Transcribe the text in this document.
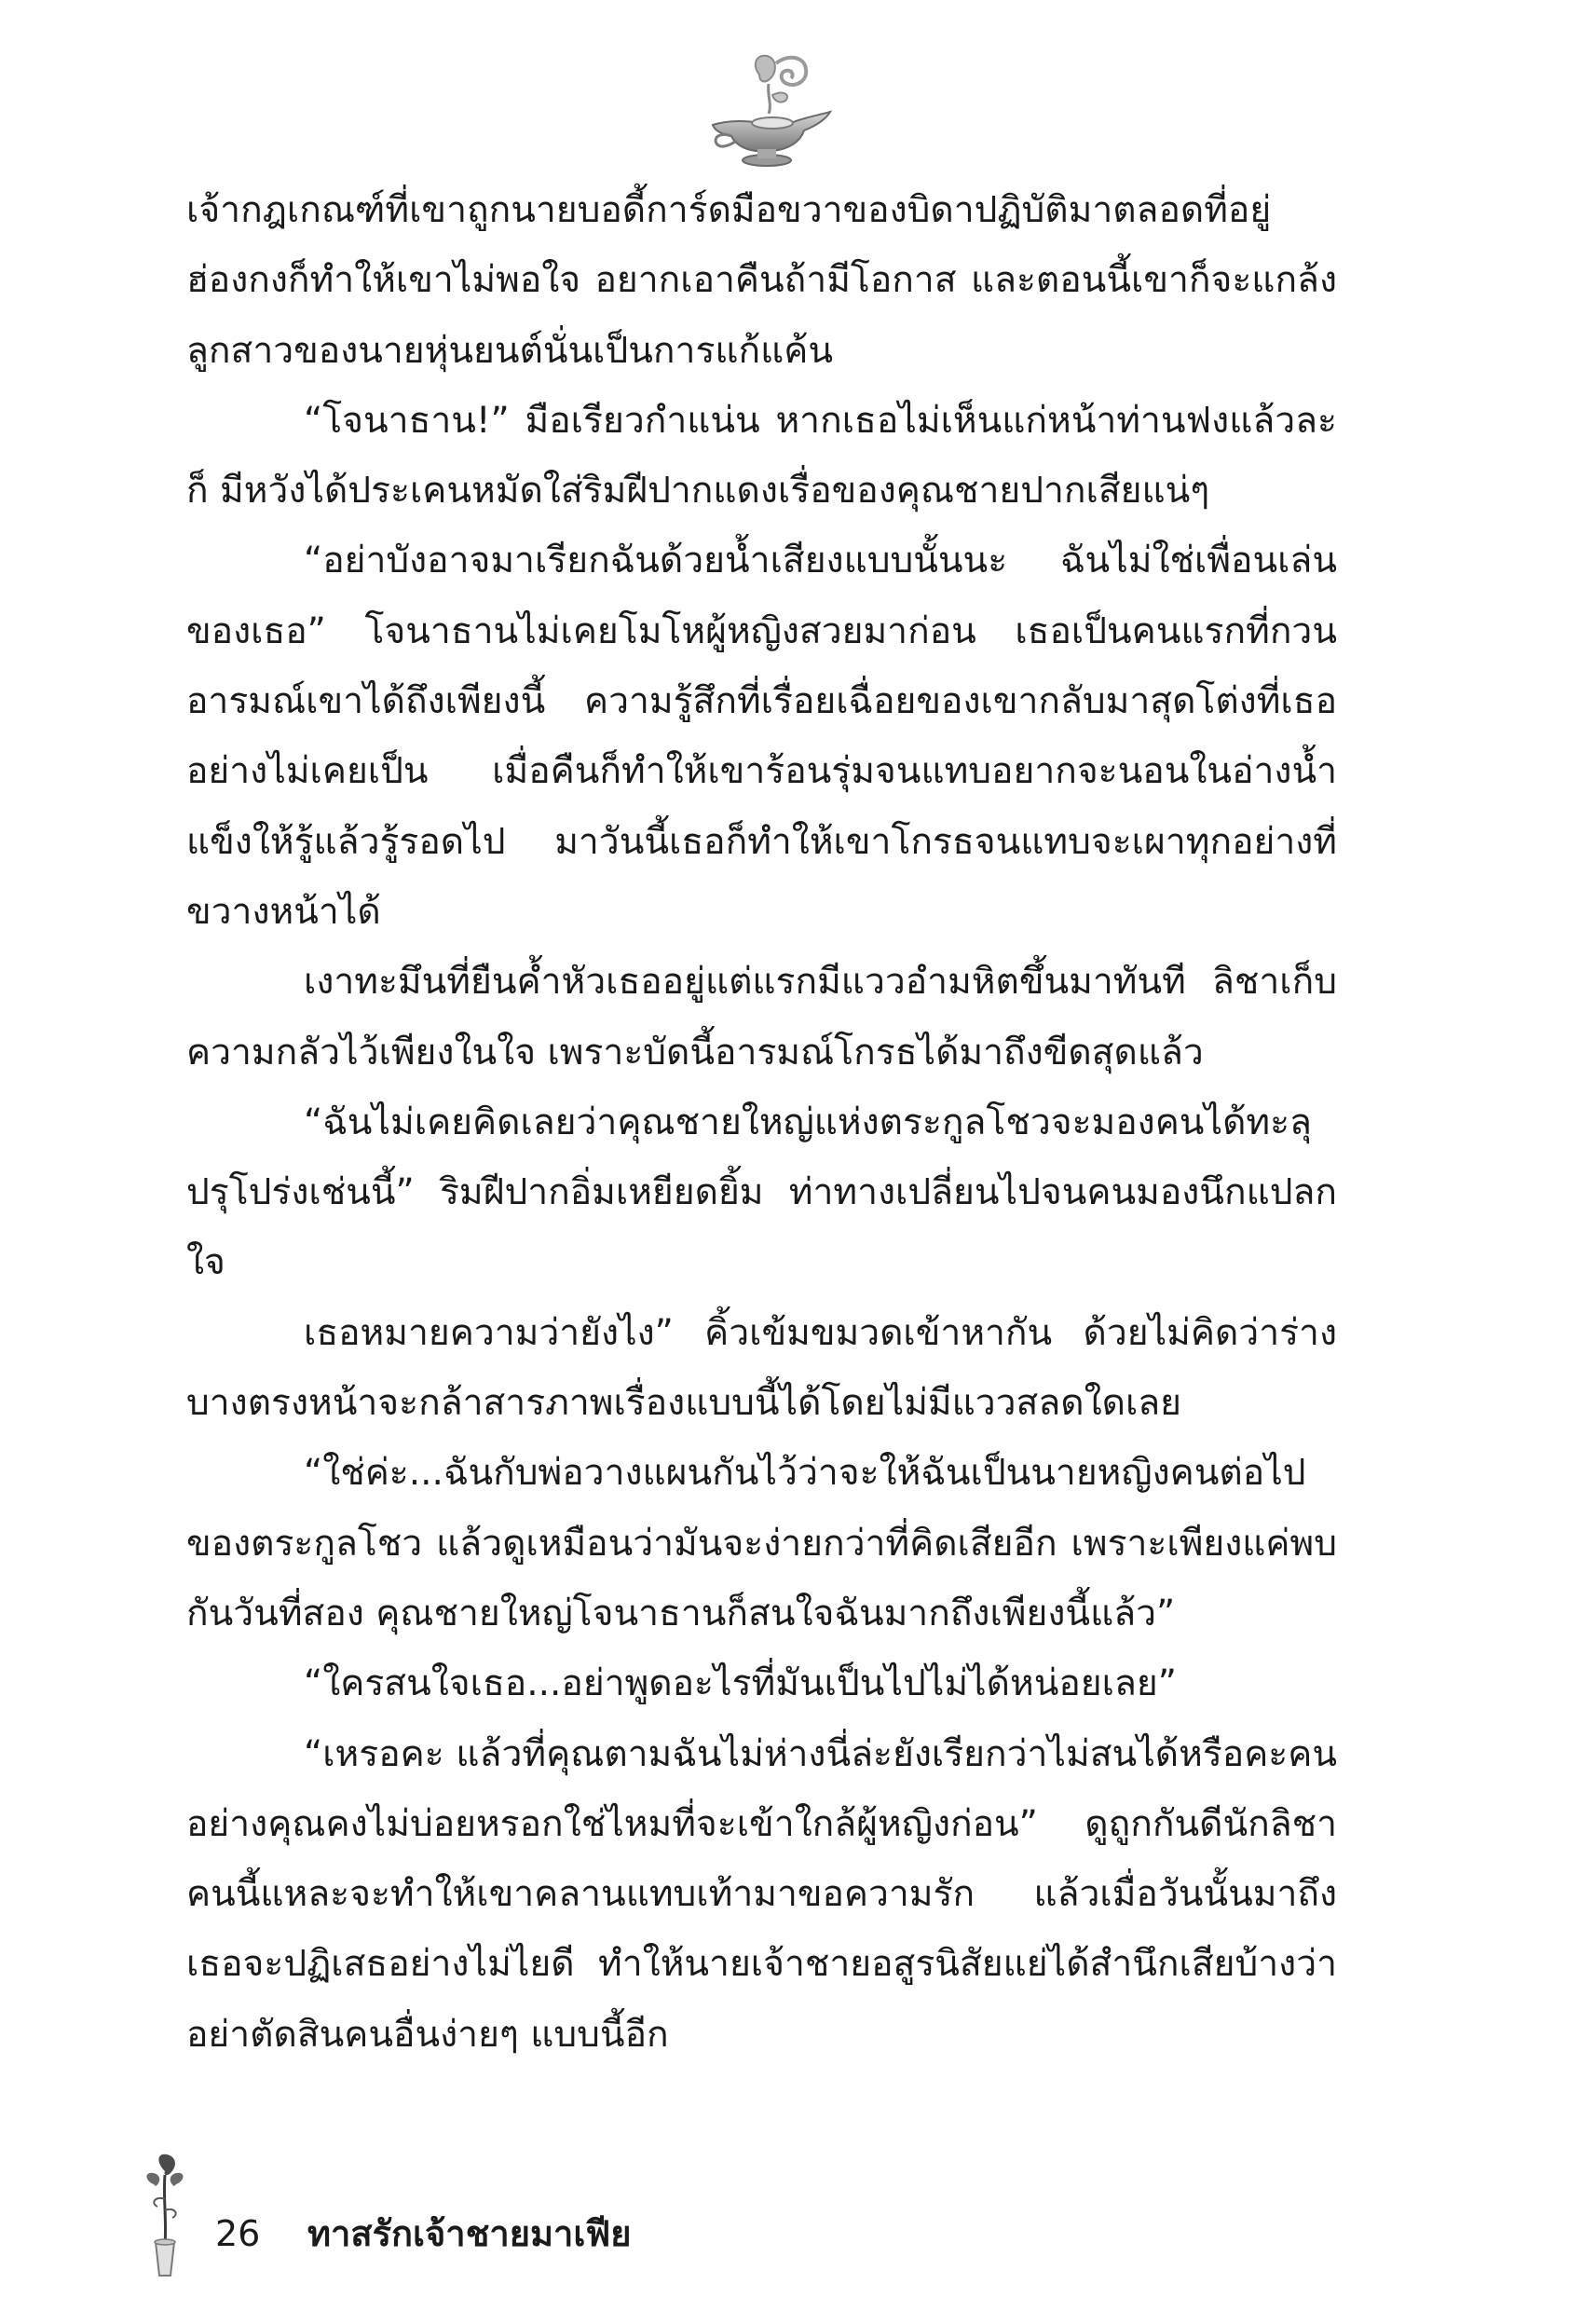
เจ้ากฎเกณฑ์ที่เขาถูกนายบอดี้การ์ดมือขวาของบิดาปฏิบัติมาตลอดที่อยู่ฮ่องกงก็ทำให้เขาไม่พอใจ อยากเอาคืนถ้ามีโอกาส และตอนนี้เขาก็จะแกล้งลูกสาวของนายหุ่นยนต์นั่นเป็นการแก้แค้น

“โจนาธาน!” มือเรียวกำแน่น หากเธอไม่เห็นแก่หน้าท่านฟงแล้วละก็ มีหวังได้ประเคนหมัดใส่ริมฝีปากแดงเรื่อของคุณชายปากเสียแน่ๆ

“อย่าบังอาจมาเรียกฉันด้วยน้ำเสียงแบบนั้นนะ ฉันไม่ใช่เพื่อนเล่นของเธอ” โจนาธานไม่เคยโมโหผู้หญิงสวยมาก่อน เธอเป็นคนแรกที่กวนอารมณ์เขาได้ถึงเพียงนี้ ความรู้สึกที่เรื่อยเฉื่อยของเขากลับมาสุดโต่งที่เธออย่างไม่เคยเป็น เมื่อคืนก็ทำให้เขาร้อนรุ่มจนแทบอยากจะนอนในอ่างน้ำแข็งให้รู้แล้วรู้รอดไป มาวันนี้เธอก็ทำให้เขาโกรธจนแทบจะเผาทุกอย่างที่ขวางหน้าได้

เงาทะมึนที่ยืนค้ำหัวเธออยู่แต่แรกมีแววอำมหิตขึ้นมาทันที ลิชาเก็บความกลัวไว้เพียงในใจ เพราะบัดนี้อารมณ์โกรธได้มาถึงขีดสุดแล้ว

“ฉันไม่เคยคิดเลยว่าคุณชายใหญ่แห่งตระกูลโชวจะมองคนได้ทะลุปรุโปร่งเช่นนี้” ริมฝีปากอิ่มเหยียดยิ้ม ท่าทางเปลี่ยนไปจนคนมองนึกแปลกใจ

เธอหมายความว่ายังไง” คิ้วเข้มขมวดเข้าหากัน ด้วยไม่คิดว่าร่างบางตรงหน้าจะกล้าสารภาพเรื่องแบบนี้ได้โดยไม่มีแววสลดใดเลย

“ใช่ค่ะ...ฉันกับพ่อวางแผนกันไว้ว่าจะให้ฉันเป็นนายหญิงคนต่อไปของตระกูลโชว แล้วดูเหมือนว่ามันจะง่ายกว่าที่คิดเสียอีก เพราะเพียงแค่พบกันวันที่สอง คุณชายใหญ่โจนาธานก็สนใจฉันมากถึงเพียงนี้แล้ว”

“ใครสนใจเธอ...อย่าพูดอะไรที่มันเป็นไปไม่ได้หน่อยเลย”

“เหรอคะ แล้วที่คุณตามฉันไม่ห่างนี่ล่ะยังเรียกว่าไม่สนได้หรือคะคนอย่างคุณคงไม่บ่อยหรอกใช่ไหมที่จะเข้าใกล้ผู้หญิงก่อน” ดูถูกกันดีนักลิชาคนนี้แหละจะทำให้เขาคลานแทบเท้ามาขอความรัก แล้วเมื่อวันนั้นมาถึงเธอจะปฏิเสธอย่างไม่ไยดี ทำให้นายเจ้าชายอสูรนิสัยแย่ได้สำนึกเสียบ้างว่า อย่าตัดสินคนอื่นง่ายๆ แบบนี้อีก

26 ทาสรักเจ้าชายมาเฟีย
